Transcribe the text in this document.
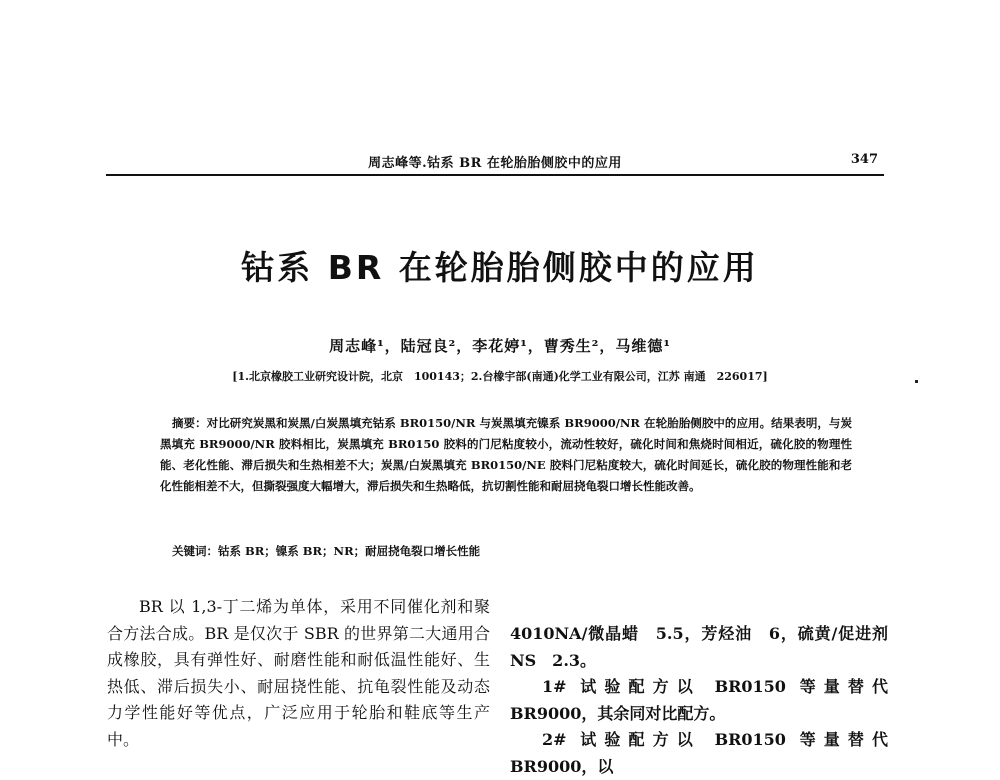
周志峰等.钴系 BR 在轮胎胎侧胶中的应用	347
钴系 BR 在轮胎胎侧胶中的应用
周志峰¹，陆冠良²，李花婷¹，曹秀生²，马维德¹
[1.北京橡胶工业研究设计院，北京　100143；2.台橡宇部(南通)化学工业有限公司，江苏 南通　226017]
摘要：对比研究炭黑和炭黑/白炭黑填充钴系 BR0150/NR 与炭黑填充镍系 BR9000/NR 在轮胎胎侧胶中的应用。结果表明，与炭黑填充 BR9000/NR 胶料相比，炭黑填充 BR0150 胶料的门尼粘度较小，流动性较好，硫化时间和焦烧时间相近，硫化胶的物理性能、老化性能、滞后损失和生热相差不大；炭黑/白炭黑填充 BR0150/NE 胶料门尼粘度较大，硫化时间延长，硫化胶的物理性能和老化性能相差不大，但撕裂强度大幅增大，滞后损失和生热略低，抗切割性能和耐屈挠龟裂口增长性能改善。
关键词：钴系 BR；镍系 BR；NR；耐屈挠龟裂口增长性能
BR 以 1,3-丁二烯为单体，采用不同催化剂和聚合方法合成。BR 是仅次于 SBR 的世界第二大通用合成橡胶，具有弹性好、耐磨性能和耐低温性能好、生热低、滞后损失小、耐屈挠性能、抗龟裂性能及动态力学性能好等优点，广泛应用于轮胎和鞋底等生产中。

4010NA/微晶蜡　5.5，芳烃油　6，硫黄/促进剂 NS　2.3。

1# 试验配方以 BR0150 等量替代 BR9000，其余同对比配方。

2# 试验配方以 BR0150 等量替代 BR9000，以
